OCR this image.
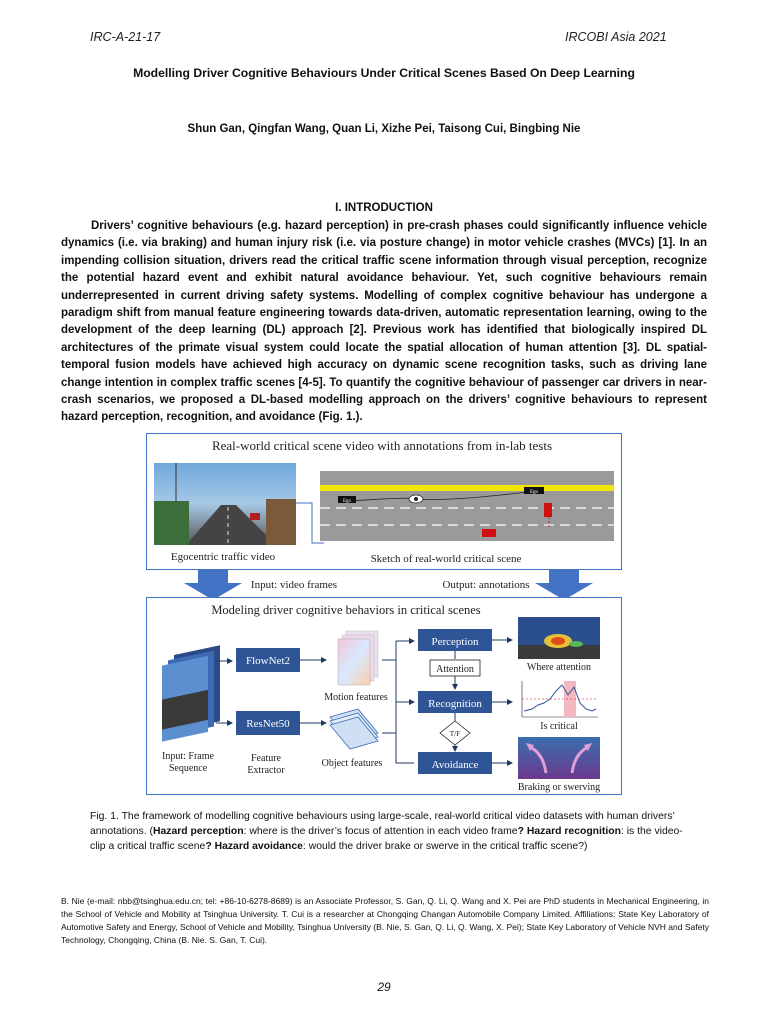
IRC-A-21-17	IRCOBI Asia 2021
Modelling Driver Cognitive Behaviours Under Critical Scenes Based On Deep Learning
Shun Gan, Qingfan Wang, Quan Li, Xizhe Pei, Taisong Cui, Bingbing Nie
I. INTRODUCTION

Drivers’ cognitive behaviours (e.g. hazard perception) in pre-crash phases could significantly influence vehicle dynamics (i.e. via braking) and human injury risk (i.e. via posture change) in motor vehicle crashes (MVCs) [1]. In an impending collision situation, drivers read the critical traffic scene information through visual perception, recognize the potential hazard event and exhibit natural avoidance behaviour. Yet, such cognitive behaviours remain underrepresented in current driving safety systems. Modelling of complex cognitive behaviour has undergone a paradigm shift from manual feature engineering towards data-driven, automatic representation learning, owing to the development of the deep learning (DL) approach [2]. Previous work has identified that biologically inspired DL architectures of the primate visual system could locate the spatial allocation of human attention [3]. DL spatial-temporal fusion models have achieved high accuracy on dynamic scene recognition tasks, such as driving lane change intention in complex traffic scenes [4-5]. To quantify the cognitive behaviour of passenger car drivers in near-crash scenarios, we proposed a DL-based modelling approach on the drivers’ cognitive behaviours to represent hazard perception, recognition, and avoidance (Fig. 1.).

Real-world critical scene video with annotations from in-lab tests
Egocentric traffic video
Ego
Ego
Sketch of real-world critical scene
Input: video frames	Output: annotations
Modeling driver cognitive behaviors in critical scenes
Input: Frame
Sequence
FlowNet2
ResNet50
Feature
Extractor
Motion features
Object features
Perception
Attention
Recognition
T/F
Avoidance
Where attention
Is critical
Braking or swerving

Fig. 1. The framework of modelling cognitive behaviours using large-scale, real-world critical video datasets with human drivers’ annotations. (Hazard perception: where is the driver’s focus of attention in each video frame? Hazard recognition: is the video-clip a critical traffic scene? Hazard avoidance: would the driver brake or swerve in the critical traffic scene?)

B. Nie (e-mail: nbb@tsinghua.edu.cn; tel: +86-10-6278-8689) is an Associate Professor, S. Gan, Q. Li, Q. Wang and X. Pei are PhD students in Mechanical Engineering, in the School of Vehicle and Mobility at Tsinghua University. T. Cui is a researcher at Chongqing Changan Automobile Company Limited. Affiliations: State Key Laboratory of Automotive Safety and Energy, School of Vehicle and Mobility, Tsinghua University (B. Nie, S. Gan, Q. Li, Q. Wang, X. Pei); State Key Laboratory of Vehicle NVH and Safety Technology, Chongqing, China (B. Nie. S. Gan, T. Cui).

29
